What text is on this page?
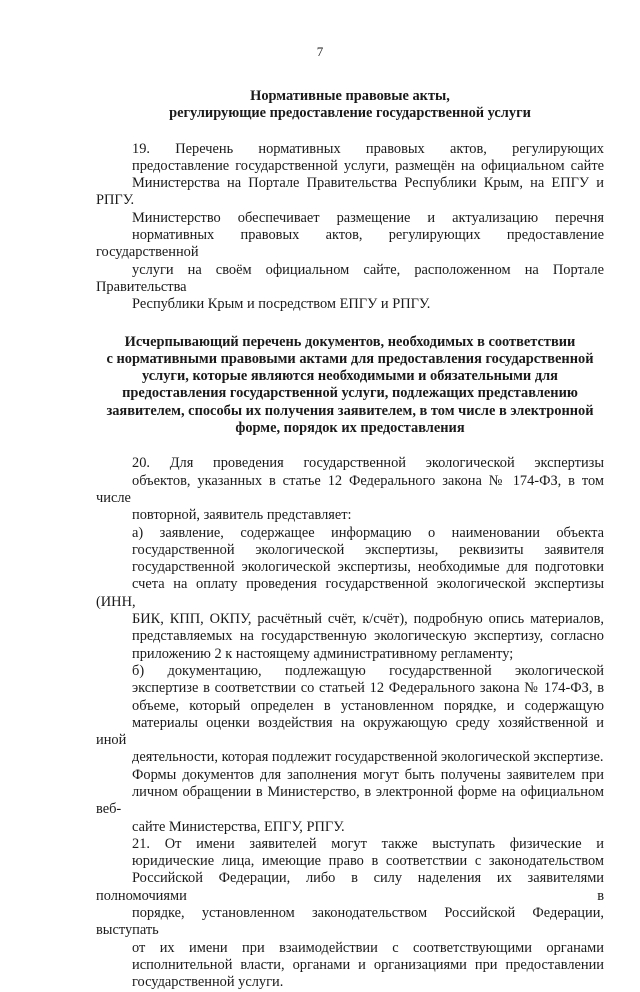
7
Нормативные правовые акты,
регулирующие предоставление государственной услуги

19. Перечень нормативных правовых актов, регулирующих
предоставление государственной услуги, размещён на официальном сайте
Министерства на Портале Правительства Республики Крым, на ЕПГУ и РПГУ.

Министерство обеспечивает размещение и актуализацию перечня
нормативных правовых актов, регулирующих предоставление государственной
услуги на своём официальном сайте, расположенном на Портале Правительства
Республики Крым и посредством ЕПГУ и РПГУ.

Исчерпывающий перечень документов, необходимых в соответствии
с нормативными правовыми актами для предоставления государственной
услуги, которые являются необходимыми и обязательными для
предоставления государственной услуги, подлежащих представлению
заявителем, способы их получения заявителем, в том числе в электронной
форме, порядок их предоставления

20. Для проведения государственной экологической экспертизы
объектов, указанных в статье 12 Федерального закона № 174-ФЗ, в том числе
повторной, заявитель представляет:

а) заявление, содержащее информацию о наименовании объекта
государственной экологической экспертизы, реквизиты заявителя
государственной экологической экспертизы, необходимые для подготовки
счета на оплату проведения государственной экологической экспертизы (ИНН,
БИК, КПП, ОКПУ, расчётный счёт, к/счёт), подробную опись материалов,
представляемых на государственную экологическую экспертизу, согласно
приложению 2 к настоящему административному регламенту;

б) документацию, подлежащую государственной экологической
экспертизе в соответствии со статьей 12 Федерального закона № 174-ФЗ, в
объеме, который определен в установленном порядке, и содержащую
материалы оценки воздействия на окружающую среду хозяйственной и иной
деятельности, которая подлежит государственной экологической экспертизе.

Формы документов для заполнения могут быть получены заявителем при
личном обращении в Министерство, в электронной форме на официальном веб-
сайте Министерства, ЕПГУ, РПГУ.

21. От имени заявителей могут также выступать физические и
юридические лица, имеющие право в соответствии с законодательством
Российской Федерации, либо в силу наделения их заявителями полномочиями в
порядке, установленном законодательством Российской Федерации, выступать
от их имени при взаимодействии с соответствующими органами
исполнительной власти, органами и организациями при предоставлении
государственной услуги.
